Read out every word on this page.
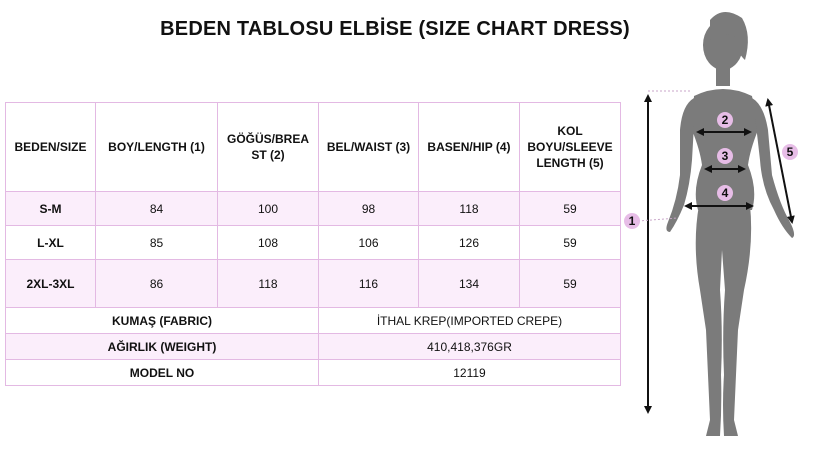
BEDEN TABLOSU ELBİSE (SIZE CHART DRESS)
BEDEN/SIZE	BOY/LENGTH (1)	GÖĞÜS/BREA ST (2)	BEL/WAIST (3)	BASEN/HIP (4)	KOL BOYU/SLEEVE LENGTH (5)
S-M	84	100	98	118	59
L-XL	85	108	106	126	59
2XL-3XL	86	118	116	134	59
KUMAŞ (FABRIC)			İTHAL KREP(IMPORTED CREPE)		
AĞIRLIK (WEIGHT)			410,418,376GR		
MODEL NO			12119		
1
2
3
4
5
